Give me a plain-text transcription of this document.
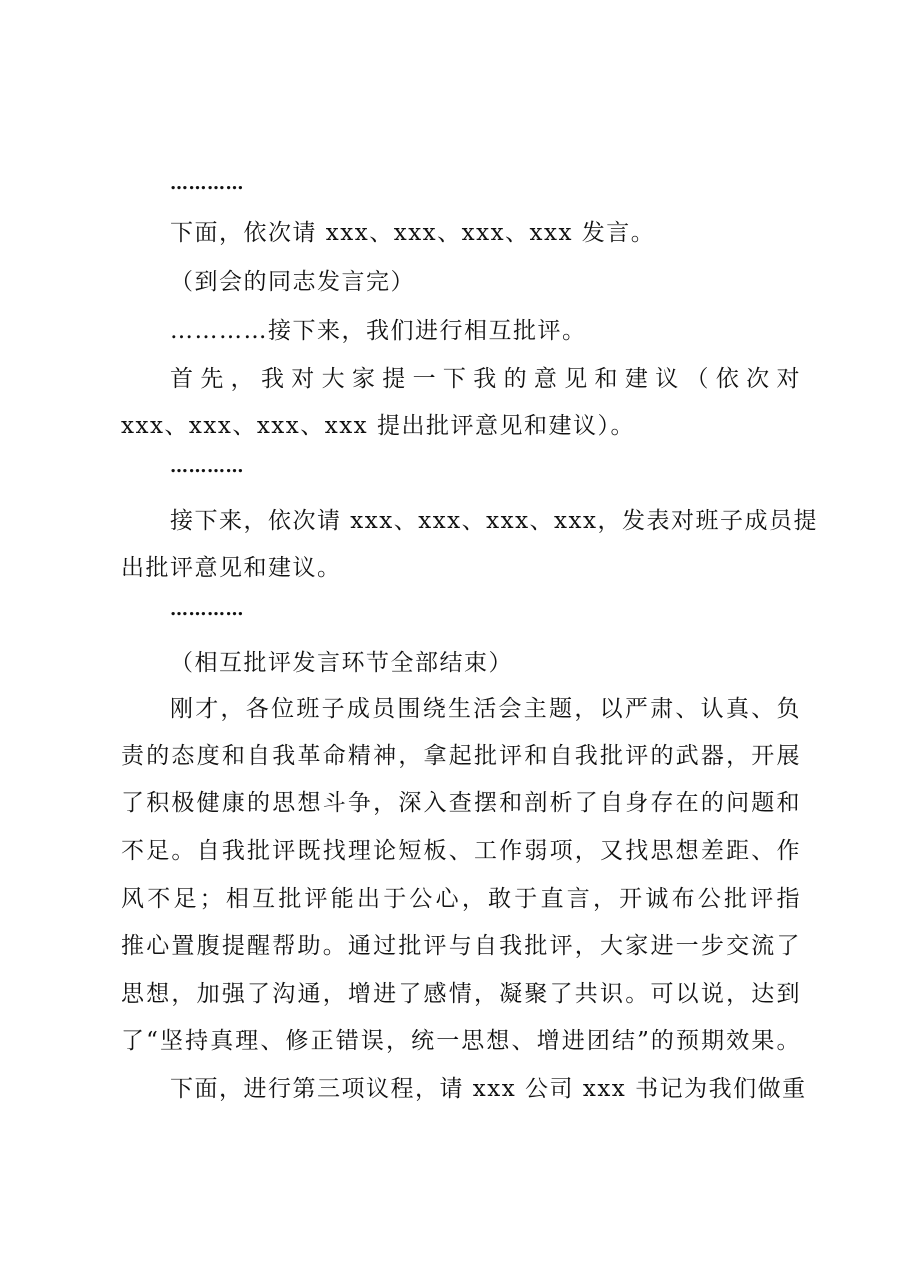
…………
下面，依次请 xxx、xxx、xxx、xxx 发言。
（到会的同志发言完）
…………接下来，我们进行相互批评。
首先，我对大家提一下我的意见和建议（依次对
xxx、xxx、xxx、xxx 提出批评意见和建议）。
…………
接下来，依次请 xxx、xxx、xxx、xxx，发表对班子成员提
出批评意见和建议。
…………
（相互批评发言环节全部结束）
刚才，各位班子成员围绕生活会主题，以严肃、认真、负
责的态度和自我革命精神，拿起批评和自我批评的武器，开展
了积极健康的思想斗争，深入查摆和剖析了自身存在的问题和
不足。自我批评既找理论短板、工作弱项，又找思想差距、作
风不足；相互批评能出于公心，敢于直言，开诚布公批评指
推心置腹提醒帮助。通过批评与自我批评，大家进一步交流了
思想，加强了沟通，增进了感情，凝聚了共识。可以说，达到
了“坚持真理、修正错误，统一思想、增进团结”的预期效果。
下面，进行第三项议程，请 xxx 公司 xxx 书记为我们做重
